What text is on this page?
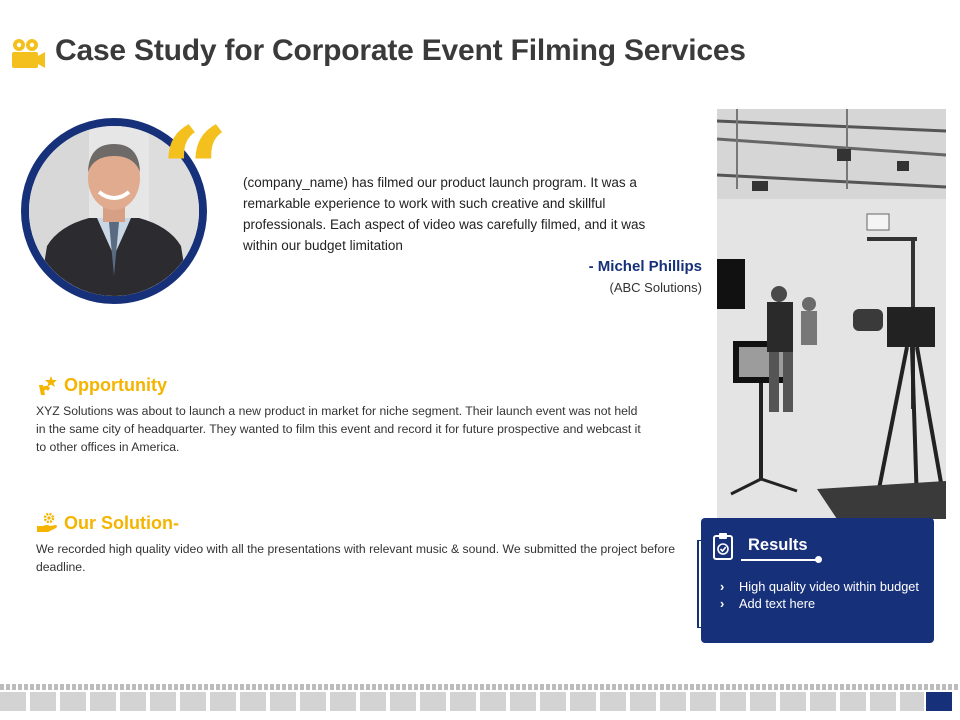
Case Study for Corporate Event Filming Services
“ (company_name) has filmed our product launch program. It was a remarkable experience to work with such creative and skillful professionals. Each aspect of video was carefully filmed, and it was within our budget limitation

- Michel Phillips
(ABC Solutions)
Opportunity

XYZ Solutions was about to launch a new product in market for niche segment. Their launch event was not held in the same city of headquarter. They wanted to film this event and record it for future prospective and webcast it to other offices in America.

Our Solution-

We recorded high quality video with all the presentations with relevant music & sound. We submitted the project before deadline.

Results
› High quality video within budget
› Add text here
